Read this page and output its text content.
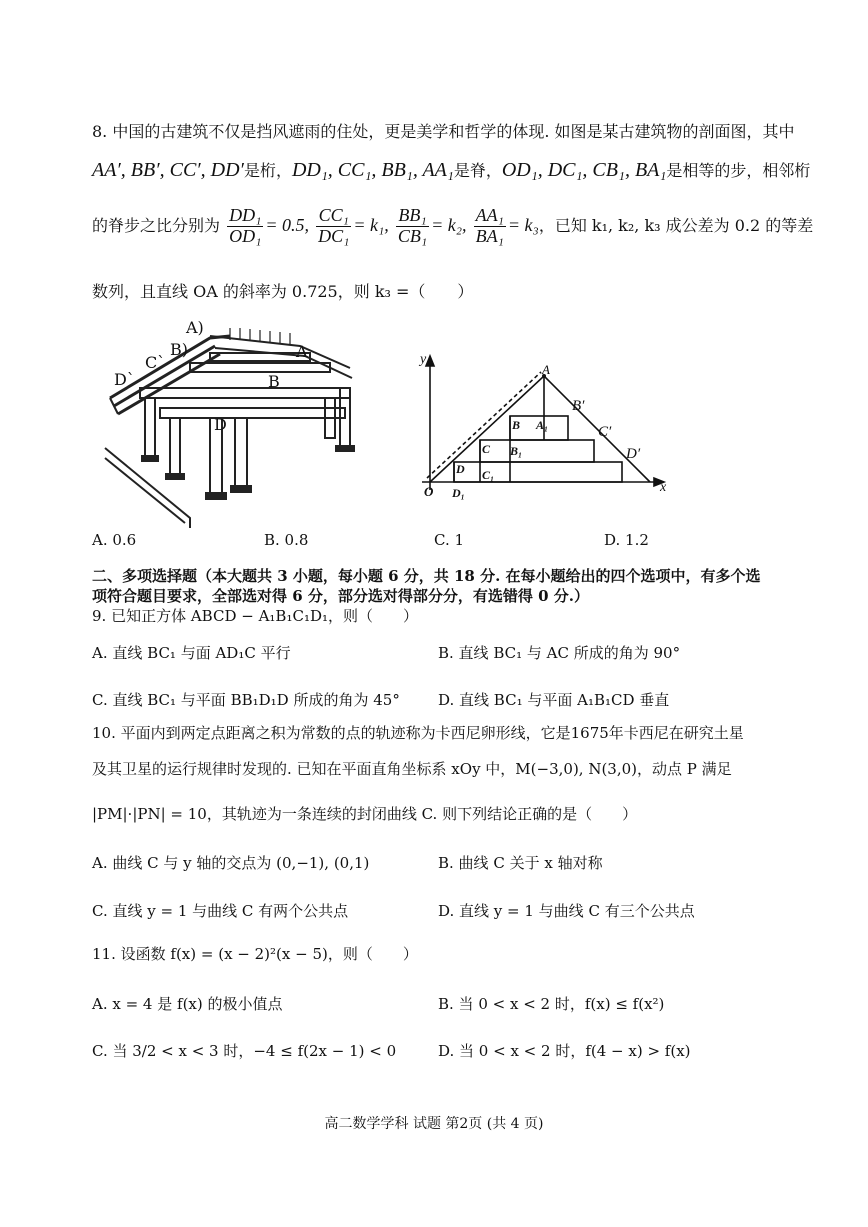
8. 中国的古建筑不仅是挡风遮雨的住处，更是美学和哲学的体现. 如图是某古建筑物的剖面图，其中
AA′, BB′, CC′, DD′是桁，DD₁, CC₁, BB₁, AA₁是脊，OD₁, DC₁, CB₁, BA₁是相等的步，相邻桁
的脊步之比分别为 $\frac{\text{DD₁}}{\text{OD₁}} = 0.5$, $\frac{\text{CC₁}}{\text{DC₁}} = k_1$, $\frac{\text{BB₁}}{\text{CB₁}} = k_2$, $\frac{\text{AA₁}}{\text{BA₁}} = k_3$，已知 k₁, k₂, k₃ 成公差为 0.2 的等差
数列，且直线 OA 的斜率为 0.725，则 k₃ =（　　）
A)
B)
C`
D`
A
B
D
y
x
O
A
B A₁
B′
C B₁
C′
D C₁
D′
D₁
A. 0.6	B. 0.8	C. 1	D. 1.2
二、多项选择题（本大题共 3 小题，每小题 6 分，共 18 分. 在每小题给出的四个选项中，有多个选
项符合题目要求，全部选对得 6 分，部分选对得部分分，有选错得 0 分.）
9. 已知正方体 ABCD − A₁B₁C₁D₁，则（　　）
A. 直线 BC₁ 与面 AD₁C 平行	B. 直线 BC₁ 与 AC 所成的角为 90°
C. 直线 BC₁ 与平面 BB₁D₁D 所成的角为 45°	D. 直线 BC₁ 与平面 A₁B₁CD 垂直
10. 平面内到两定点距离之积为常数的点的轨迹称为卡西尼卵形线，它是1675年卡西尼在研究土星
及其卫星的运行规律时发现的. 已知在平面直角坐标系 xOy 中，M(−3,0), N(3,0)，动点 P 满足
|PM|·|PN| = 10，其轨迹为一条连续的封闭曲线 C. 则下列结论正确的是（　　）
A. 曲线 C 与 y 轴的交点为 (0,−1), (0,1)	B. 曲线 C 关于 x 轴对称
C. 直线 y = 1 与曲线 C 有两个公共点	D. 直线 y = 1 与曲线 C 有三个公共点
11. 设函数 f(x) = (x − 2)²(x − 5)，则（　　）
A. x = 4 是 f(x) 的极小值点	B. 当 0 < x < 2 时，f(x) ≤ f(x²)
C. 当 3/2 < x < 3 时，−4 ≤ f(2x − 1) < 0	D. 当 0 < x < 2 时，f(4 − x) > f(x)
高二数学学科 试题 第2页 (共 4 页)
